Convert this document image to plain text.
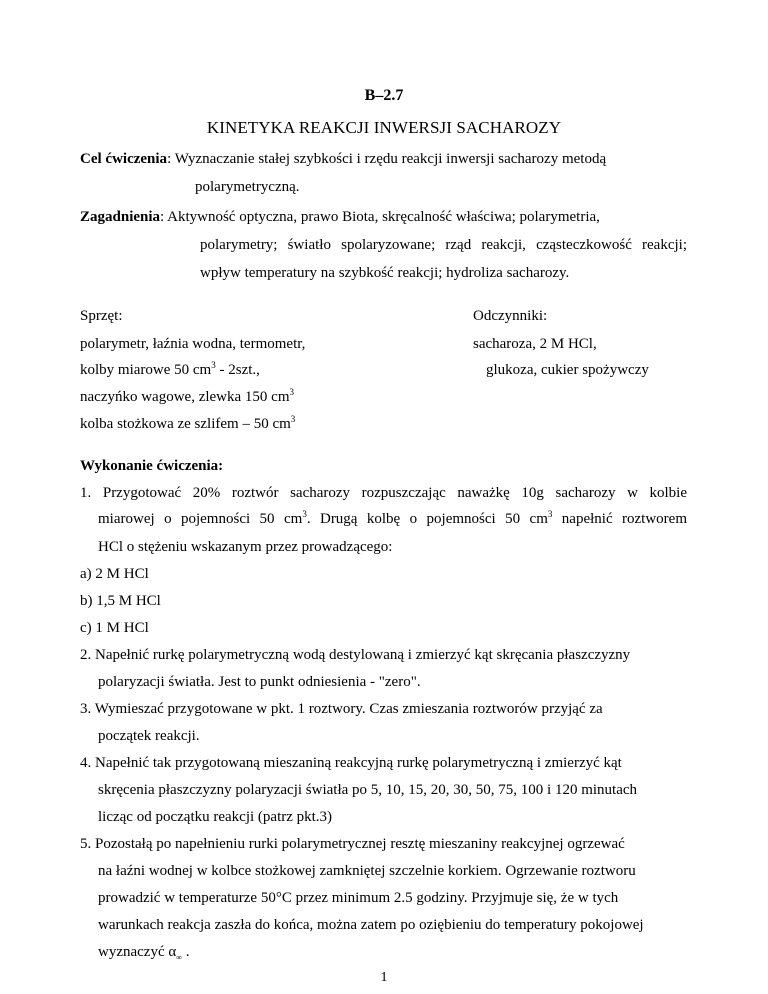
B–2.7
KINETYKA REAKCJI INWERSJI SACHAROZY
Cel ćwiczenia: Wyznaczanie stałej szybkości i rzędu reakcji inwersji sacharozy metodą
polarymetryczną.
Zagadnienia: Aktywność optyczna, prawo Biota, skręcalność właściwa; polarymetria,
polarymetry; światło spolaryzowane; rząd reakcji, cząsteczkowość reakcji;
wpływ temperatury na szybkość reakcji; hydroliza sacharozy.
Sprzęt:
polarymetr, łaźnia wodna, termometr,
kolby miarowe 50 $cm^3 - 2szt$.,
naczyńko wagowe, zlewka 150 $cm^3$
kolba stożkowa ze szlifem – 50 $cm^3$
Odczynniki:
sacharoza, 2 M HCl,
glukoza, cukier spożywczy
Wykonanie ćwiczenia:
1. Przygotować 20% roztwór sacharozy rozpuszczając naważkę 10g sacharozy w kolbie
miarowej o pojemności 50 $cm^3$. Drugą kolbę o pojemności 50 $cm^3$ napełnić roztworem
HCl o stężeniu wskazanym przez prowadzącego:
a) 2 M HCl
b) 1,5 M HCl
c) 1 M HCl
2. Napełnić rurkę polarymetryczną wodą destylowaną i zmierzyć kąt skręcania płaszczyzny
polaryzacji światła. Jest to punkt odniesienia - "zero".
3. Wymieszać przygotowane w pkt. 1 roztwory. Czas zmieszania roztworów przyjąć za
początek reakcji.
4. Napełnić tak przygotowaną mieszaniną reakcyjną rurkę polarymetryczną i zmierzyć kąt
skręcenia płaszczyzny polaryzacji światła po 5, 10, 15, 20, 30, 50, 75, 100 i 120 minutach
licząc od początku reakcji (patrz pkt.3)
5. Pozostałą po napełnieniu rurki polarymetrycznej resztę mieszaniny reakcyjnej ogrzewać
na łaźni wodnej w kolbce stożkowej zamkniętej szczelnie korkiem. Ogrzewanie roztworu
prowadzić w temperaturze 50°C przez minimum 2.5 godziny. Przyjmuje się, że w tych
warunkach reakcja zaszła do końca, można zatem po oziębieniu do temperatury pokojowej
wyznaczyć $\alpha_\infty$ .
1
